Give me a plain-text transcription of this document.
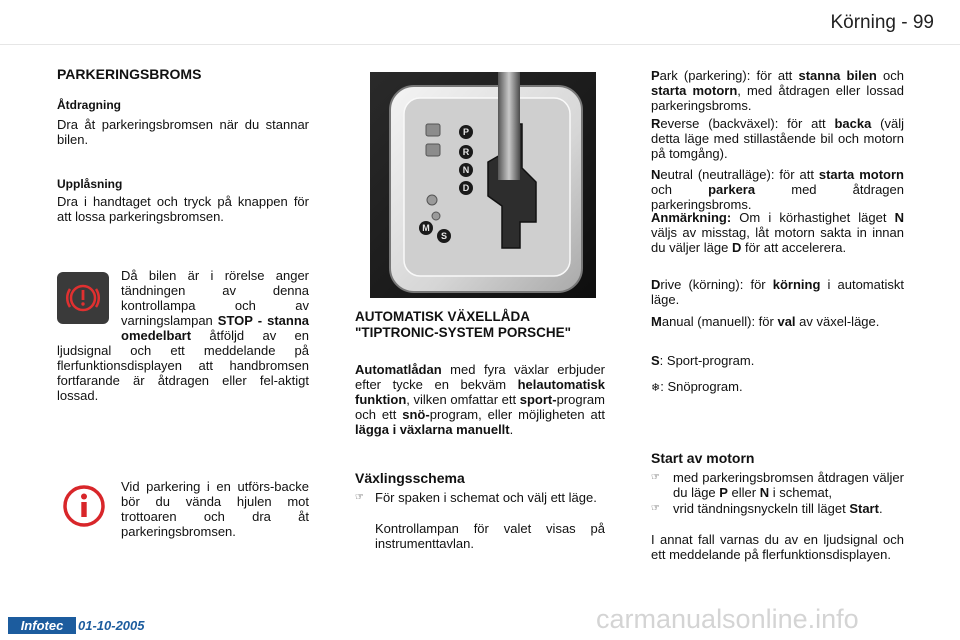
Körning - 99
PARKERINGSBROMS
Åtdragning
Dra åt parkeringsbromsen när du stannar bilen.
Upplåsning
Dra i handtaget och tryck på knappen för att lossa parkeringsbromsen.
Då bilen är i rörelse anger tändningen av denna kontrollampa och av varningslampan STOP - stanna omedelbart åtföljd av en ljudsignal och ett meddelande på flerfunktionsdisplayen att handbromsen fortfarande är åtdragen eller fel-aktigt lossad.
Vid parkering i en utförs-backe bör du vända hjulen mot trottoaren och dra åt parkeringsbromsen.
P
R
N
D
M
S
AUTOMATISK VÄXELLÅDA "TIPTRONIC-SYSTEM PORSCHE"
Automatlådan med fyra växlar erbjuder efter tycke en bekväm helautomatisk funktion, vilken omfattar ett sport-program och ett snö-program, eller möjligheten att lägga i växlarna manuellt.
Växlingsschema
☞ För spaken i schemat och välj ett läge.
Kontrollampan för valet visas på instrumenttavlan.
Park (parkering): för att stanna bilen och starta motorn, med åtdragen eller lossad parkeringsbroms.
Reverse (backväxel): för att backa (välj detta läge med stillastående bil och motorn på tomgång).
Neutral (neutralläge): för att starta motorn och parkera med åtdragen parkeringsbroms.
Anmärkning: Om i körhastighet läget N väljs av misstag, låt motorn sakta in innan du väljer läge D för att accelerera.
Drive (körning): för körning i automatiskt läge.
Manual (manuell): för val av växel-läge.
S: Sport-program.
❄: Snöprogram.
Start av motorn
☞ med parkeringsbromsen åtdragen väljer du läge P eller N i schemat,
☞ vrid tändningsnyckeln till läget Start.
I annat fall varnas du av en ljudsignal och ett meddelande på flerfunktionsdisplayen.
Infotec	01-10-2005	carmanualsonline.info
